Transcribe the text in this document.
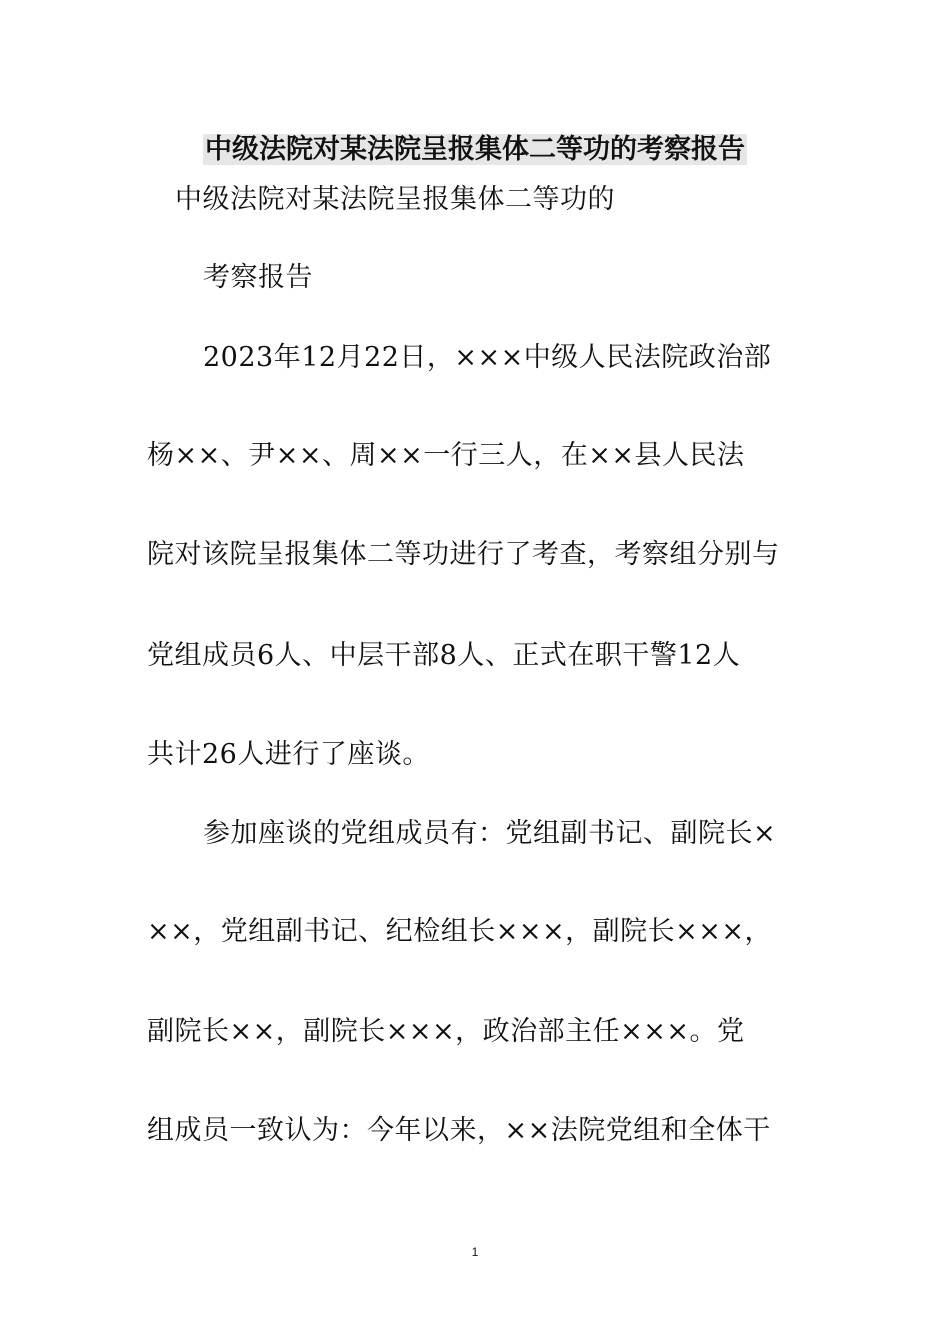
中级法院对某法院呈报集体二等功的考察报告
中级法院对某法院呈报集体二等功的
考察报告
2023年12月22日，×××中级人民法院政治部
杨××、尹××、周××一行三人，在××县人民法
院对该院呈报集体二等功进行了考查，考察组分别与
党组成员6人、中层干部8人、正式在职干警12人
共计26人进行了座谈。
参加座谈的党组成员有：党组副书记、副院长×
××，党组副书记、纪检组长×××，副院长×××，
副院长××，副院长×××，政治部主任×××。党
组成员一致认为：今年以来，××法院党组和全体干
1
